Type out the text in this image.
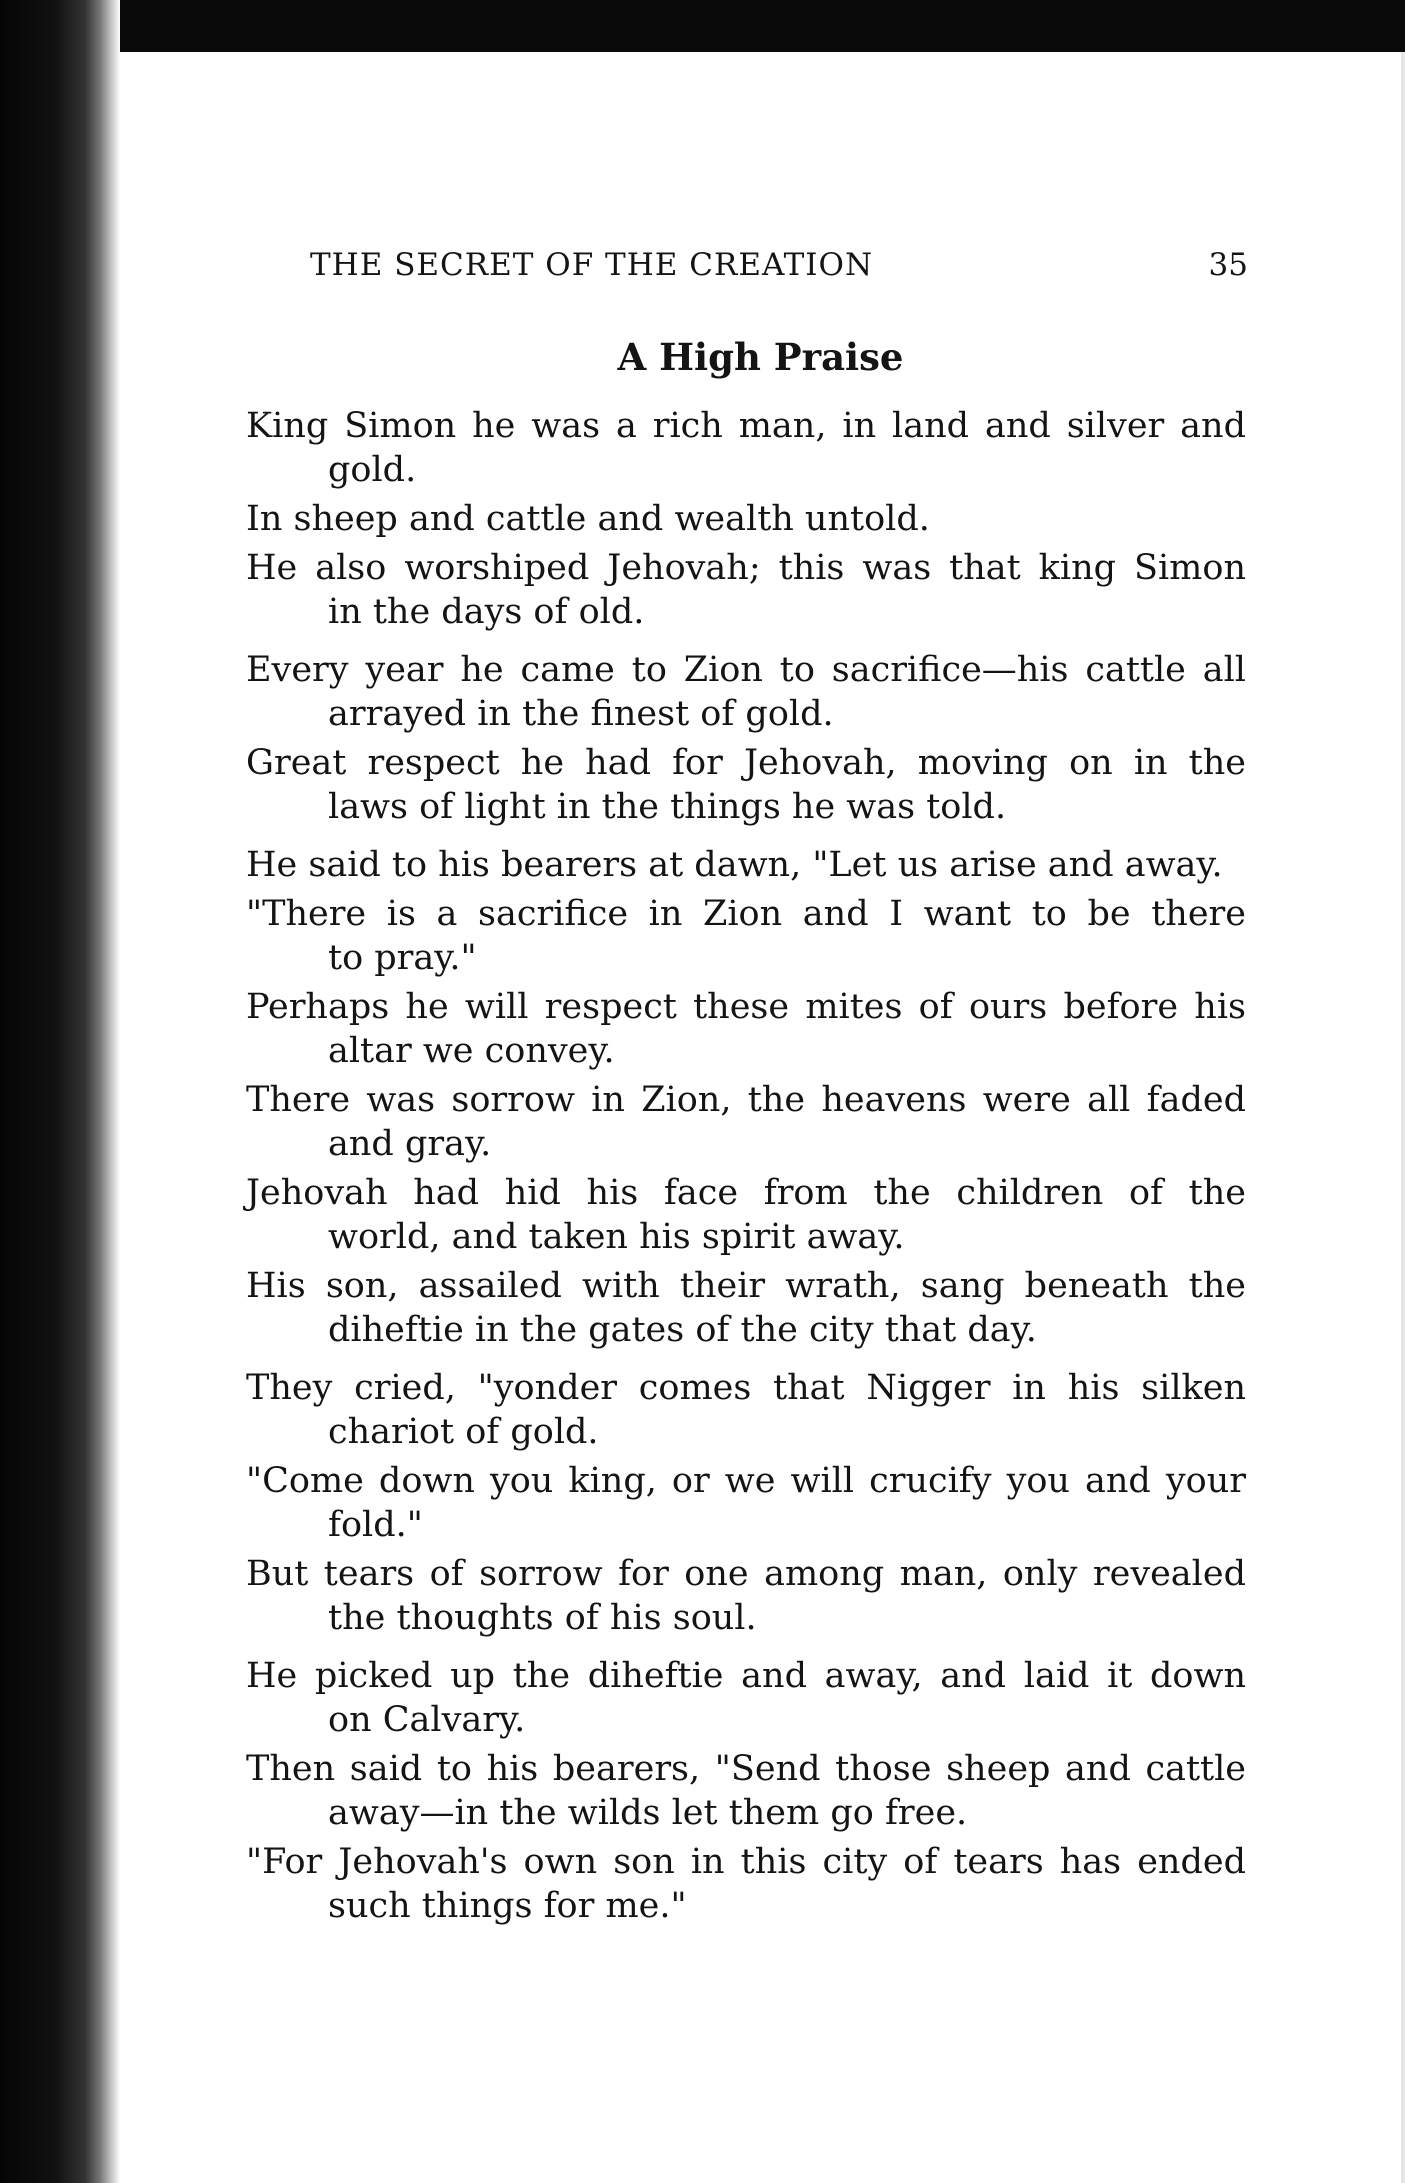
THE SECRET OF THE CREATION	35
A High Praise
King Simon he was a rich man, in land and silver and
gold.
In sheep and cattle and wealth untold.
He also worshiped Jehovah; this was that king Simon
in the days of old.
Every year he came to Zion to sacrifice—his cattle all
arrayed in the finest of gold.
Great respect he had for Jehovah, moving on in the
laws of light in the things he was told.
He said to his bearers at dawn, "Let us arise and away.
"There is a sacrifice in Zion and I want to be there
to pray."
Perhaps he will respect these mites of ours before his
altar we convey.
There was sorrow in Zion, the heavens were all faded
and gray.
Jehovah had hid his face from the children of the
world, and taken his spirit away.
His son, assailed with their wrath, sang beneath the
diheftie in the gates of the city that day.
They cried, "yonder comes that Nigger in his silken
chariot of gold.
"Come down you king, or we will crucify you and your
fold."
But tears of sorrow for one among man, only revealed
the thoughts of his soul.
He picked up the diheftie and away, and laid it down
on Calvary.
Then said to his bearers, "Send those sheep and cattle
away—in the wilds let them go free.
"For Jehovah's own son in this city of tears has ended
such things for me."
